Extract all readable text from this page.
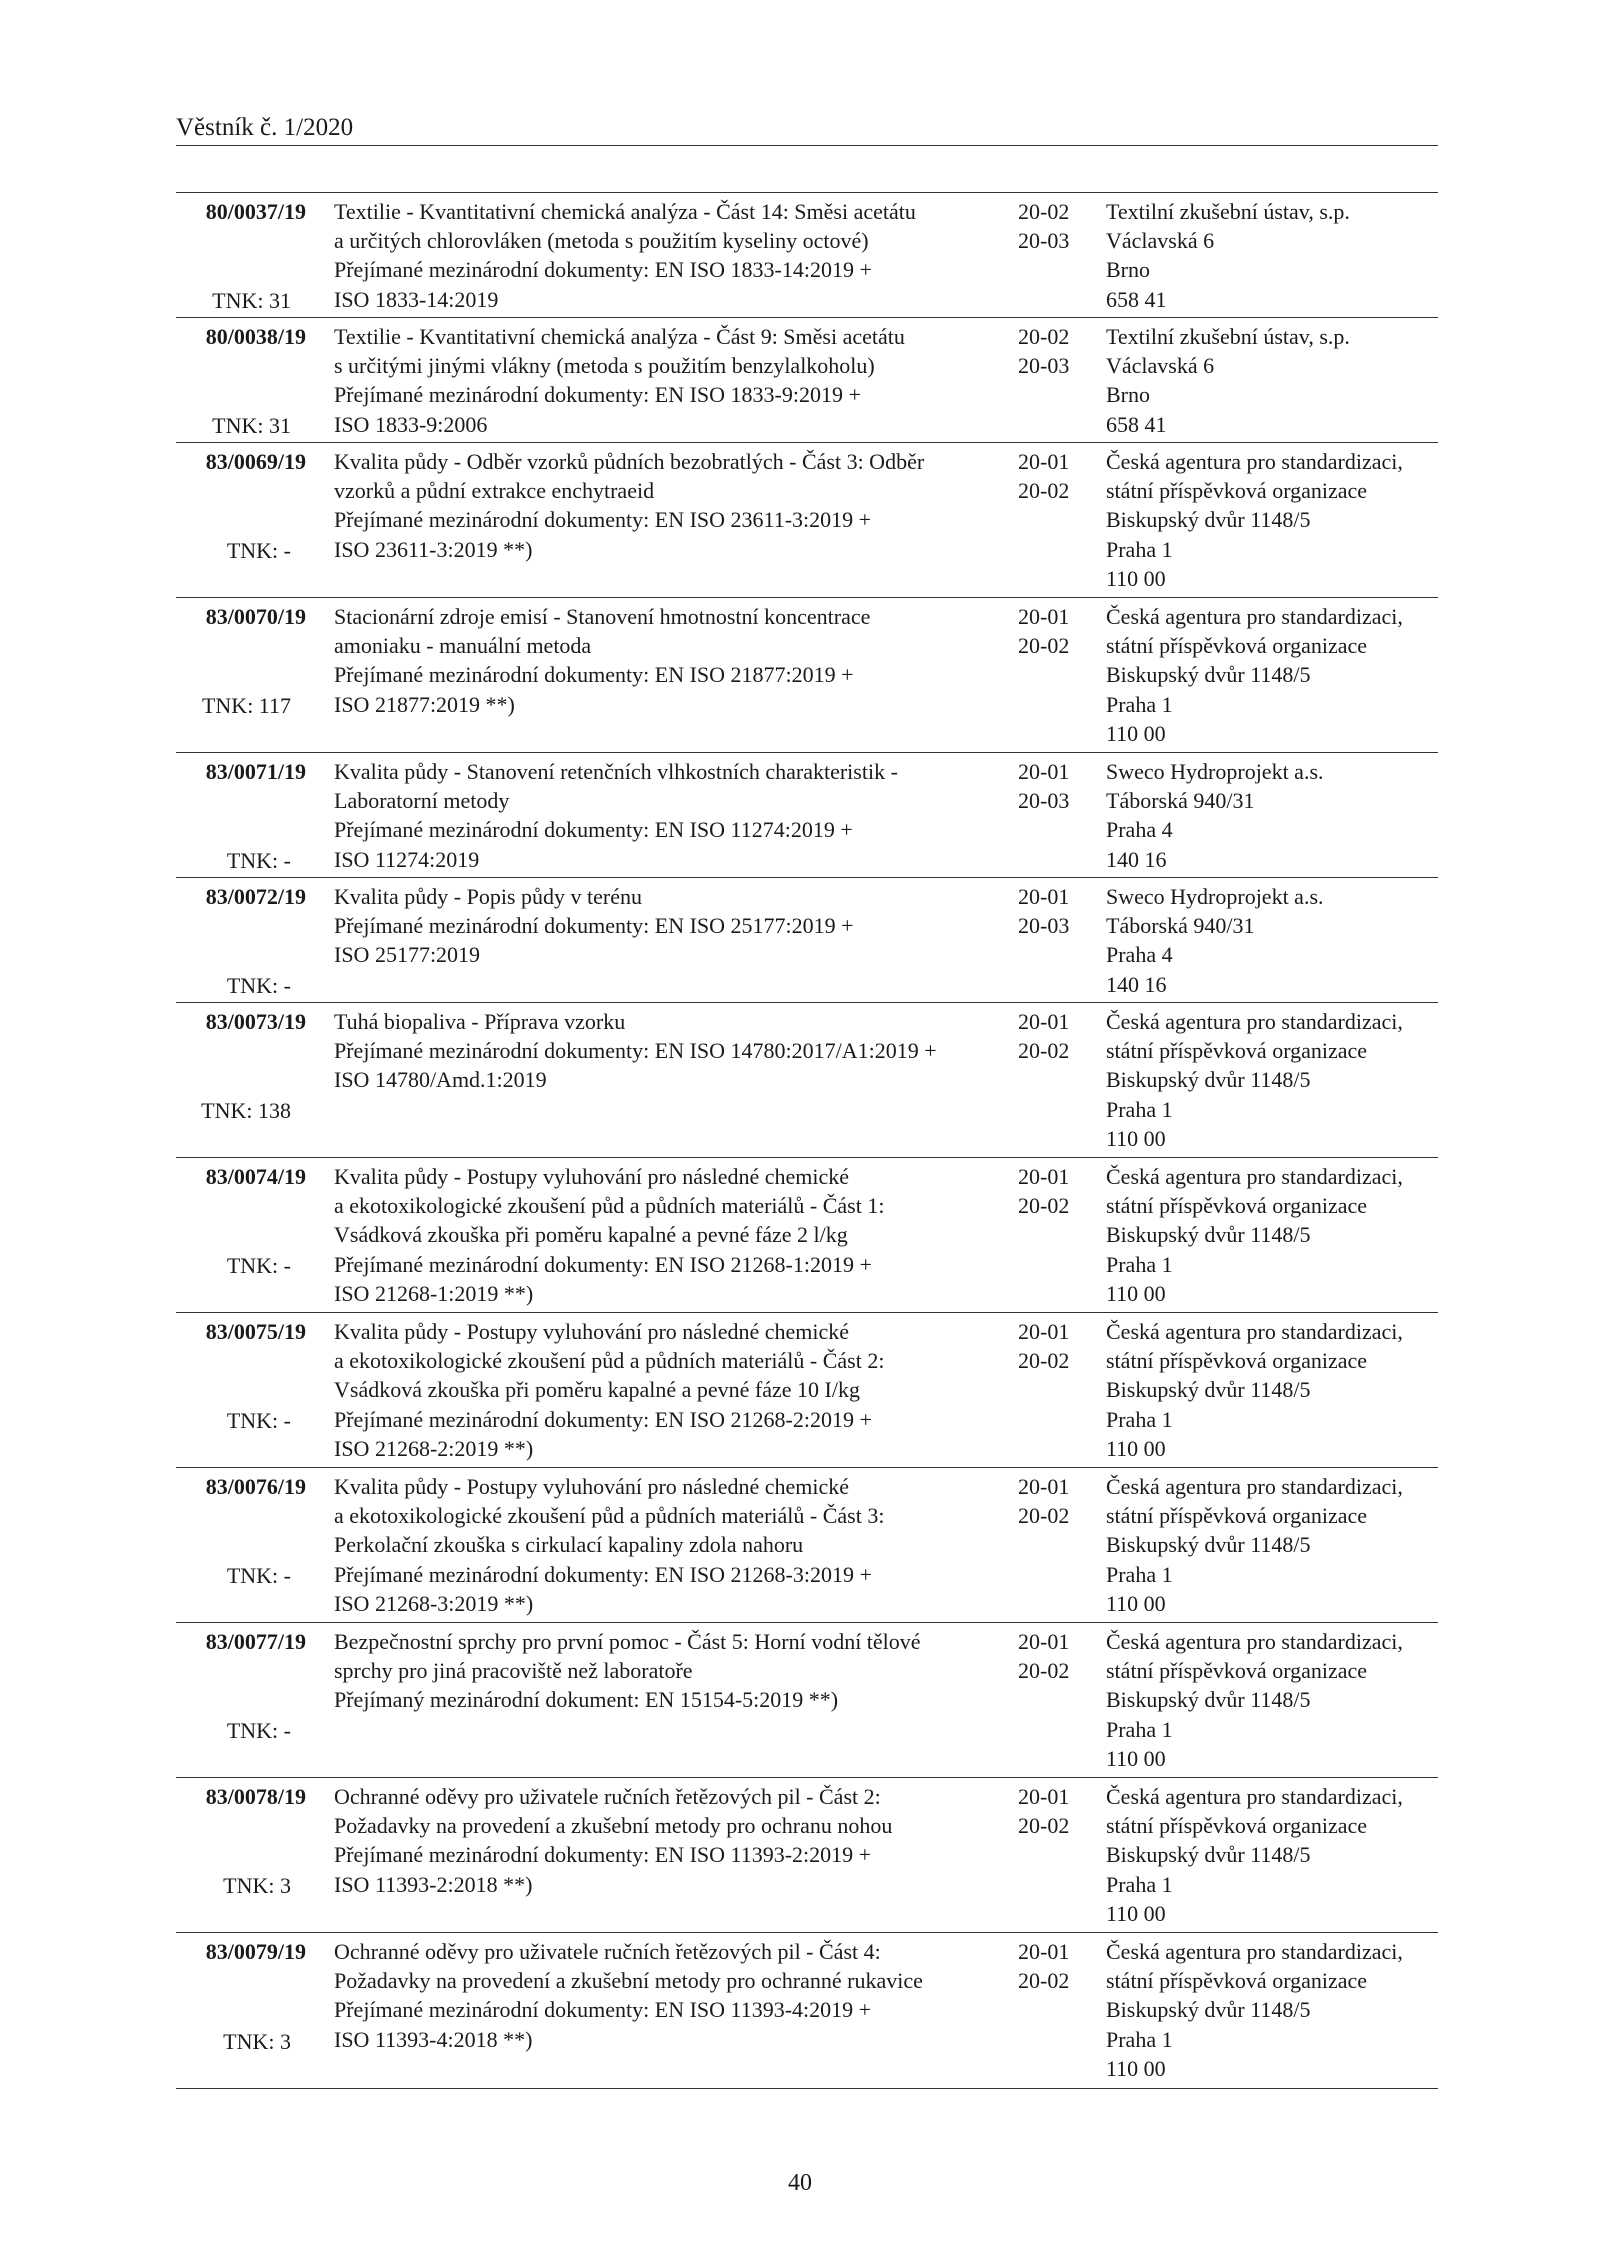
Věstník č. 1/2020
80/0037/19
TNK: 31
Textilie - Kvantitativní chemická analýza - Část 14: Směsi acetátu
a určitých chlorovláken (metoda s použitím kyseliny octové)
Přejímané mezinárodní dokumenty: EN ISO 1833-14:2019 +
ISO 1833-14:2019
20-02
20-03
Textilní zkušební ústav, s.p.
Václavská 6
Brno
658 41
80/0038/19
TNK: 31
Textilie - Kvantitativní chemická analýza - Část 9: Směsi acetátu
s určitými jinými vlákny (metoda s použitím benzylalkoholu)
Přejímané mezinárodní dokumenty: EN ISO 1833-9:2019 +
ISO 1833-9:2006
20-02
20-03
Textilní zkušební ústav, s.p.
Václavská 6
Brno
658 41
83/0069/19
TNK: -
Kvalita půdy - Odběr vzorků půdních bezobratlých - Část 3: Odběr
vzorků a půdní extrakce enchytraeid
Přejímané mezinárodní dokumenty: EN ISO 23611-3:2019 +
ISO 23611-3:2019 **)
20-01
20-02
Česká agentura pro standardizaci,
státní příspěvková organizace
Biskupský dvůr 1148/5
Praha 1
110 00
83/0070/19
TNK: 117
Stacionární zdroje emisí - Stanovení hmotnostní koncentrace
amoniaku - manuální metoda
Přejímané mezinárodní dokumenty: EN ISO 21877:2019 +
ISO 21877:2019 **)
20-01
20-02
Česká agentura pro standardizaci,
státní příspěvková organizace
Biskupský dvůr 1148/5
Praha 1
110 00
83/0071/19
TNK: -
Kvalita půdy - Stanovení retenčních vlhkostních charakteristik -
Laboratorní metody
Přejímané mezinárodní dokumenty: EN ISO 11274:2019 +
ISO 11274:2019
20-01
20-03
Sweco Hydroprojekt a.s.
Táborská 940/31
Praha 4
140 16
83/0072/19
TNK: -
Kvalita půdy - Popis půdy v terénu
Přejímané mezinárodní dokumenty: EN ISO 25177:2019 +
ISO 25177:2019
20-01
20-03
Sweco Hydroprojekt a.s.
Táborská 940/31
Praha 4
140 16
83/0073/19
TNK: 138
Tuhá biopaliva - Příprava vzorku
Přejímané mezinárodní dokumenty: EN ISO 14780:2017/A1:2019 +
ISO 14780/Amd.1:2019
20-01
20-02
Česká agentura pro standardizaci,
státní příspěvková organizace
Biskupský dvůr 1148/5
Praha 1
110 00
83/0074/19
TNK: -
Kvalita půdy - Postupy vyluhování pro následné chemické
a ekotoxikologické zkoušení půd a půdních materiálů - Část 1:
Vsádková zkouška při poměru kapalné a pevné fáze 2 l/kg
Přejímané mezinárodní dokumenty: EN ISO 21268-1:2019 +
ISO 21268-1:2019 **)
20-01
20-02
Česká agentura pro standardizaci,
státní příspěvková organizace
Biskupský dvůr 1148/5
Praha 1
110 00
83/0075/19
TNK: -
Kvalita půdy - Postupy vyluhování pro následné chemické
a ekotoxikologické zkoušení půd a půdních materiálů - Část 2:
Vsádková zkouška při poměru kapalné a pevné fáze 10 I/kg
Přejímané mezinárodní dokumenty: EN ISO 21268-2:2019 +
ISO 21268-2:2019 **)
20-01
20-02
Česká agentura pro standardizaci,
státní příspěvková organizace
Biskupský dvůr 1148/5
Praha 1
110 00
83/0076/19
TNK: -
Kvalita půdy - Postupy vyluhování pro následné chemické
a ekotoxikologické zkoušení půd a půdních materiálů - Část 3:
Perkolační zkouška s cirkulací kapaliny zdola nahoru
Přejímané mezinárodní dokumenty: EN ISO 21268-3:2019 +
ISO 21268-3:2019 **)
20-01
20-02
Česká agentura pro standardizaci,
státní příspěvková organizace
Biskupský dvůr 1148/5
Praha 1
110 00
83/0077/19
TNK: -
Bezpečnostní sprchy pro první pomoc - Část 5: Horní vodní tělové
sprchy pro jiná pracoviště než laboratoře
Přejímaný mezinárodní dokument: EN 15154-5:2019 **)
20-01
20-02
Česká agentura pro standardizaci,
státní příspěvková organizace
Biskupský dvůr 1148/5
Praha 1
110 00
83/0078/19
TNK: 3
Ochranné oděvy pro uživatele ručních řetězových pil - Část 2:
Požadavky na provedení a zkušební metody pro ochranu nohou
Přejímané mezinárodní dokumenty: EN ISO 11393-2:2019 +
ISO 11393-2:2018 **)
20-01
20-02
Česká agentura pro standardizaci,
státní příspěvková organizace
Biskupský dvůr 1148/5
Praha 1
110 00
83/0079/19
TNK: 3
Ochranné oděvy pro uživatele ručních řetězových pil - Část 4:
Požadavky na provedení a zkušební metody pro ochranné rukavice
Přejímané mezinárodní dokumenty: EN ISO 11393-4:2019 +
ISO 11393-4:2018 **)
20-01
20-02
Česká agentura pro standardizaci,
státní příspěvková organizace
Biskupský dvůr 1148/5
Praha 1
110 00
40
